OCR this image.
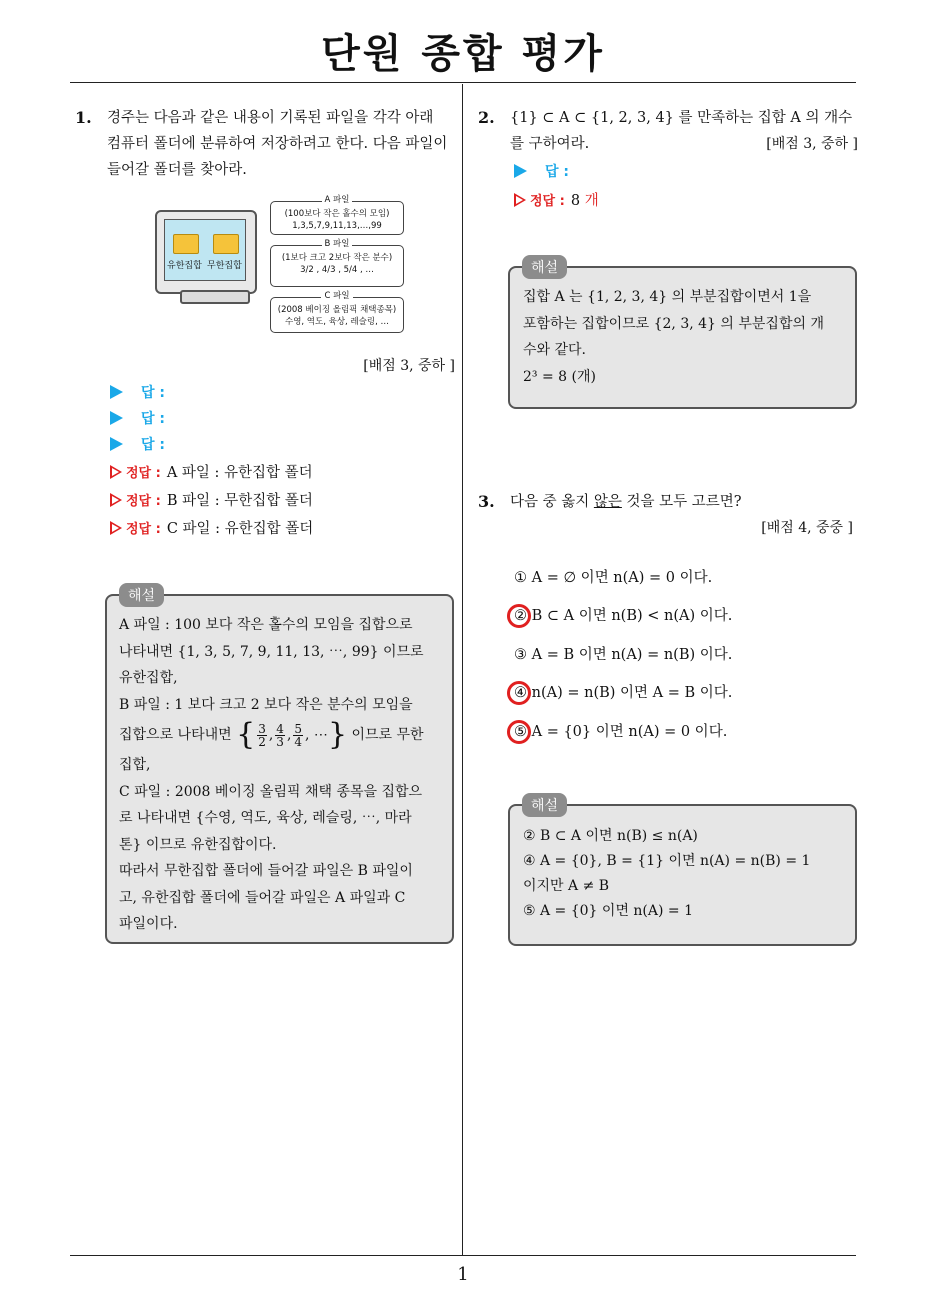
단원 종합 평가
1
1. 경주는 다음과 같은 내용이 기록된 파일을 각각 아래
컴퓨터 폴더에 분류하여 저장하려고 한다. 다음 파일이
들어갈 폴더를 찾아라.
유한집합 무한집합
A 파일
(100보다 작은 홀수의 모임)
1,3,5,7,9,11,13,…,99
B 파일
(1보다 크고 2보다 작은 분수)
3/2 , 4/3 , 5/4 , …
C 파일
(2008 베이징 올림픽 채택종목)
수영, 역도, 육상, 레슬링, …
[배점 3, 중하 ]
답 :
답 :
답 :
정답 : A 파일 : 유한집합 폴더
정답 : B 파일 : 무한집합 폴더
정답 : C 파일 : 유한집합 폴더
A 파일 : 100 보다 작은 홀수의 모임을 집합으로
나타내면 {1, 3, 5, 7, 9, 11, 13, ⋯, 99} 이므로
유한집합,
B 파일 : 1 보다 크고 2 보다 작은 분수의 모임을
집합으로 나타내면 { $\frac{3}{2}$ , $\frac{4}{3}$ , $\frac{5}{4}$ , ⋯} 이므로 무한
집합,
C 파일 : 2008 베이징 올림픽 채택 종목을 집합으
로 나타내면 {수영, 역도, 육상, 레슬링, ⋯, 마라
톤} 이므로 유한집합이다.
따라서 무한집합 폴더에 들어갈 파일은 B 파일이
고, 유한집합 폴더에 들어갈 파일은 A 파일과 C
파일이다.
해설
2. {1} ⊂ A ⊂ {1, 2, 3, 4} 를 만족하는 집합 A 의 개수
를 구하여라.	[배점 3, 중하 ]
답 :
정답 : 8 개
집합 A 는 {1, 2, 3, 4} 의 부분집합이면서 1을
포함하는 집합이므로 {2, 3, 4} 의 부분집합의 개
수와 같다.
2³ = 8 (개)
해설
3. 다음 중 옳지 않은 것을 모두 고르면?
[배점 4, 중중 ]
① A = ∅ 이면 n(A) = 0 이다.
② B ⊂ A 이면 n(B) < n(A) 이다.
③ A = B 이면 n(A) = n(B) 이다.
④ n(A) = n(B) 이면 A = B 이다.
⑤ A = {0} 이면 n(A) = 0 이다.
② B ⊂ A 이면 n(B) ≤ n(A)
④ A = {0}, B = {1} 이면 n(A) = n(B) = 1
이지만 A ≠ B
⑤ A = {0} 이면 n(A) = 1
해설
